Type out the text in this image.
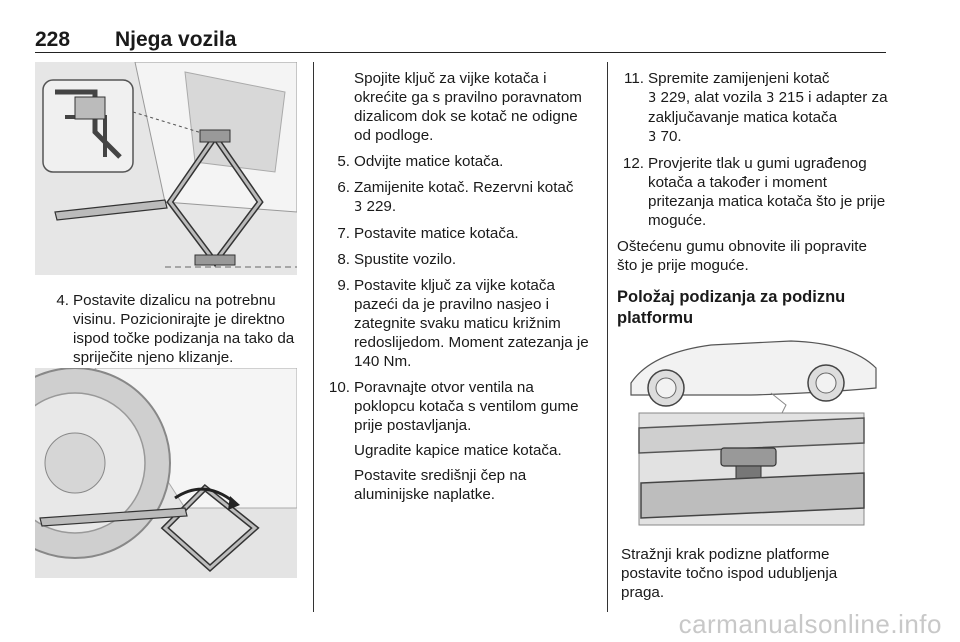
228 Njega vozila
4. Postavite dizalicu na potrebnu visinu. Pozicionirajte je direktno ispod točke podizanja na tako da spriječite njeno klizanje.

Spojite ključ za vijke kotača i okrećite ga s pravilno poravnatom dizalicom dok se kotač ne odigne od podloge.

5. Odvijte matice kotača.

6. Zamijenite kotač. Rezervni kotač
3 229.

7. Postavite matice kotača.

8. Spustite vozilo.

9. Postavite ključ za vijke kotača pazeći da je pravilno nasjeo i zategnite svaku maticu križnim redoslijedom. Moment zatezanja je 140 Nm.

10. Poravnajte otvor ventila na poklopcu kotača s ventilom gume prije postavljanja.

Ugradite kapice matice kotača.

Postavite središnji čep na aluminijske naplatke.

11. Spremite zamijenjeni kotač
3 229, alat vozila 3 215 i adapter za zaključavanje matica kotača
3 70.

12. Provjerite tlak u gumi ugrađenog kotača a također i moment pritezanja matica kotača što je prije moguće.

Oštećenu gumu obnovite ili popravite što je prije moguće.

Položaj podizanja za podiznu platformu

Stražnji krak podizne platforme postavite točno ispod udubljenja praga.

carmanualsonline.info
